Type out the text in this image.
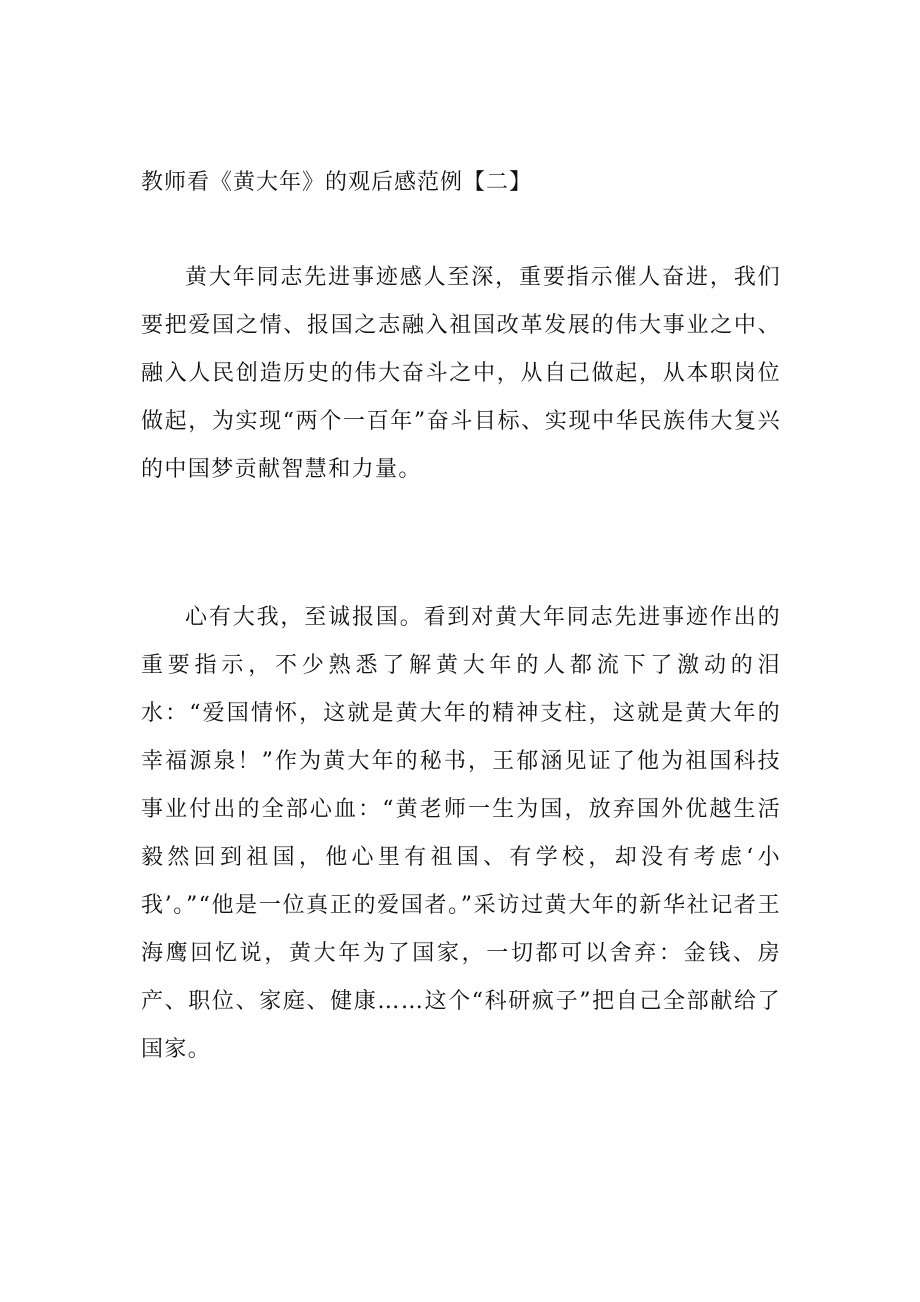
教师看《黄大年》的观后感范例【二】

黄大年同志先进事迹感人至深，重要指示催人奋进，我们要把爱国之情、报国之志融入祖国改革发展的伟大事业之中、融入人民创造历史的伟大奋斗之中，从自己做起，从本职岗位做起，为实现“两个一百年”奋斗目标、实现中华民族伟大复兴的中国梦贡献智慧和力量。

心有大我，至诚报国。看到对黄大年同志先进事迹作出的重要指示，不少熟悉了解黄大年的人都流下了激动的泪水：“爱国情怀，这就是黄大年的精神支柱，这就是黄大年的幸福源泉！”作为黄大年的秘书，王郁涵见证了他为祖国科技事业付出的全部心血：“黄老师一生为国，放弃国外优越生活毅然回到祖国，他心里有祖国、有学校，却没有考虑‘小我’。”“他是一位真正的爱国者。”采访过黄大年的新华社记者王海鹰回忆说，黄大年为了国家，一切都可以舍弃：金钱、房产、职位、家庭、健康……这个“科研疯子”把自己全部献给了国家。
